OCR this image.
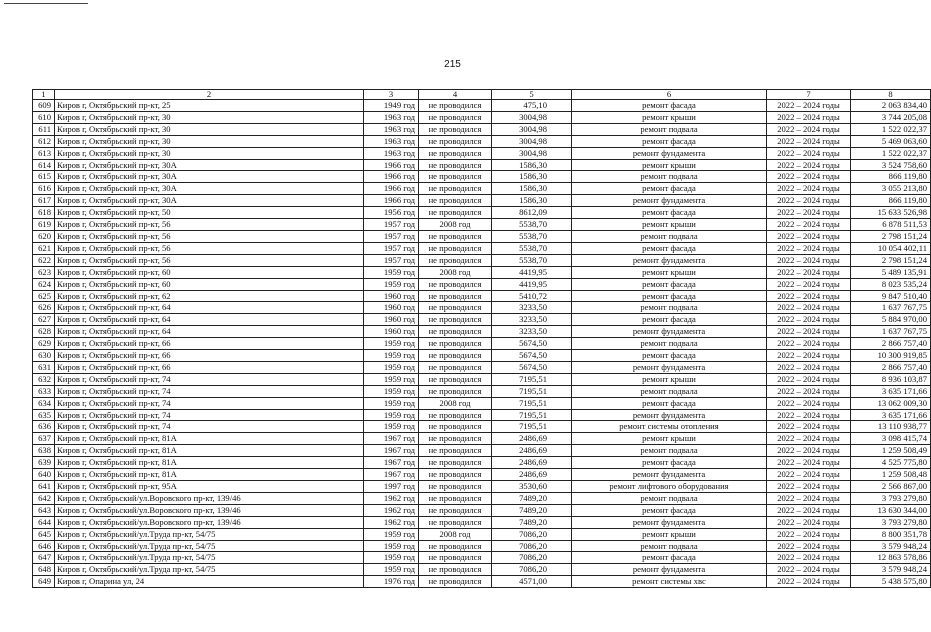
215
1	2	3	4	5	6	7	8
609	Киров г, Октябрьский пр-кт, 25	1949 год	не проводился	475,10	ремонт фасада	2022 – 2024 годы	2 063 834,40
610	Киров г, Октябрьский пр-кт, 30	1963 год	не проводился	3004,98	ремонт крыши	2022 – 2024 годы	3 744 205,08
611	Киров г, Октябрьский пр-кт, 30	1963 год	не проводился	3004,98	ремонт подвала	2022 – 2024 годы	1 522 022,37
612	Киров г, Октябрьский пр-кт, 30	1963 год	не проводился	3004,98	ремонт фасада	2022 – 2024 годы	5 469 063,60
613	Киров г, Октябрьский пр-кт, 30	1963 год	не проводился	3004,98	ремонт фундамента	2022 – 2024 годы	1 522 022,37
614	Киров г, Октябрьский пр-кт, 30А	1966 год	не проводился	1586,30	ремонт крыши	2022 – 2024 годы	3 524 758,60
615	Киров г, Октябрьский пр-кт, 30А	1966 год	не проводился	1586,30	ремонт подвала	2022 – 2024 годы	866 119,80
616	Киров г, Октябрьский пр-кт, 30А	1966 год	не проводился	1586,30	ремонт фасада	2022 – 2024 годы	3 055 213,80
617	Киров г, Октябрьский пр-кт, 30А	1966 год	не проводился	1586,30	ремонт фундамента	2022 – 2024 годы	866 119,80
618	Киров г, Октябрьский пр-кт, 50	1956 год	не проводился	8612,09	ремонт фасада	2022 – 2024 годы	15 633 526,98
619	Киров г, Октябрьский пр-кт, 56	1957 год	2008 год	5538,70	ремонт крыши	2022 – 2024 годы	6 878 511,53
620	Киров г, Октябрьский пр-кт, 56	1957 год	не проводился	5538,70	ремонт подвала	2022 – 2024 годы	2 798 151,24
621	Киров г, Октябрьский пр-кт, 56	1957 год	не проводился	5538,70	ремонт фасада	2022 – 2024 годы	10 054 402,11
622	Киров г, Октябрьский пр-кт, 56	1957 год	не проводился	5538,70	ремонт фундамента	2022 – 2024 годы	2 798 151,24
623	Киров г, Октябрьский пр-кт, 60	1959 год	2008 год	4419,95	ремонт крыши	2022 – 2024 годы	5 489 135,91
624	Киров г, Октябрьский пр-кт, 60	1959 год	не проводился	4419,95	ремонт фасада	2022 – 2024 годы	8 023 535,24
625	Киров г, Октябрьский пр-кт, 62	1960 год	не проводился	5410,72	ремонт фасада	2022 – 2024 годы	9 847 510,40
626	Киров г, Октябрьский пр-кт, 64	1960 год	не проводился	3233,50	ремонт подвала	2022 – 2024 годы	1 637 767,75
627	Киров г, Октябрьский пр-кт, 64	1960 год	не проводился	3233,50	ремонт фасада	2022 – 2024 годы	5 884 970,00
628	Киров г, Октябрьский пр-кт, 64	1960 год	не проводился	3233,50	ремонт фундамента	2022 – 2024 годы	1 637 767,75
629	Киров г, Октябрьский пр-кт, 66	1959 год	не проводился	5674,50	ремонт подвала	2022 – 2024 годы	2 866 757,40
630	Киров г, Октябрьский пр-кт, 66	1959 год	не проводился	5674,50	ремонт фасада	2022 – 2024 годы	10 300 919,85
631	Киров г, Октябрьский пр-кт, 66	1959 год	не проводился	5674,50	ремонт фундамента	2022 – 2024 годы	2 866 757,40
632	Киров г, Октябрьский пр-кт, 74	1959 год	не проводился	7195,51	ремонт крыши	2022 – 2024 годы	8 936 103,87
633	Киров г, Октябрьский пр-кт, 74	1959 год	не проводился	7195,51	ремонт подвала	2022 – 2024 годы	3 635 171,66
634	Киров г, Октябрьский пр-кт, 74	1959 год	2008 год	7195,51	ремонт фасада	2022 – 2024 годы	13 062 009,30
635	Киров г, Октябрьский пр-кт, 74	1959 год	не проводился	7195,51	ремонт фундамента	2022 – 2024 годы	3 635 171,66
636	Киров г, Октябрьский пр-кт, 74	1959 год	не проводился	7195,51	ремонт системы отопления	2022 – 2024 годы	13 110 938,77
637	Киров г, Октябрьский пр-кт, 81А	1967 год	не проводился	2486,69	ремонт крыши	2022 – 2024 годы	3 098 415,74
638	Киров г, Октябрьский пр-кт, 81А	1967 год	не проводился	2486,69	ремонт подвала	2022 – 2024 годы	1 259 508,49
639	Киров г, Октябрьский пр-кт, 81А	1967 год	не проводился	2486,69	ремонт фасада	2022 – 2024 годы	4 525 775,80
640	Киров г, Октябрьский пр-кт, 81А	1967 год	не проводился	2486,69	ремонт фундамента	2022 – 2024 годы	1 259 508,48
641	Киров г, Октябрьский пр-кт, 95А	1997 год	не проводился	3530,60	ремонт лифтового оборудования	2022 – 2024 годы	2 566 867,00
642	Киров г, Октябрьский/ул.Воровского пр-кт, 139/46	1962 год	не проводился	7489,20	ремонт подвала	2022 – 2024 годы	3 793 279,80
643	Киров г, Октябрьский/ул.Воровского пр-кт, 139/46	1962 год	не проводился	7489,20	ремонт фасада	2022 – 2024 годы	13 630 344,00
644	Киров г, Октябрьский/ул.Воровского пр-кт, 139/46	1962 год	не проводился	7489,20	ремонт фундамента	2022 – 2024 годы	3 793 279,80
645	Киров г, Октябрьский/ул.Труда пр-кт, 54/75	1959 год	2008 год	7086,20	ремонт крыши	2022 – 2024 годы	8 800 351,78
646	Киров г, Октябрьский/ул.Труда пр-кт, 54/75	1959 год	не проводился	7086,20	ремонт подвала	2022 – 2024 годы	3 579 948,24
647	Киров г, Октябрьский/ул.Труда пр-кт, 54/75	1959 год	не проводился	7086,20	ремонт фасада	2022 – 2024 годы	12 863 578,86
648	Киров г, Октябрьский/ул.Труда пр-кт, 54/75	1959 год	не проводился	7086,20	ремонт фундамента	2022 – 2024 годы	3 579 948,24
649	Киров г, Опарина ул, 24	1976 год	не проводился	4571,00	ремонт системы хвс	2022 – 2024 годы	5 438 575,80
